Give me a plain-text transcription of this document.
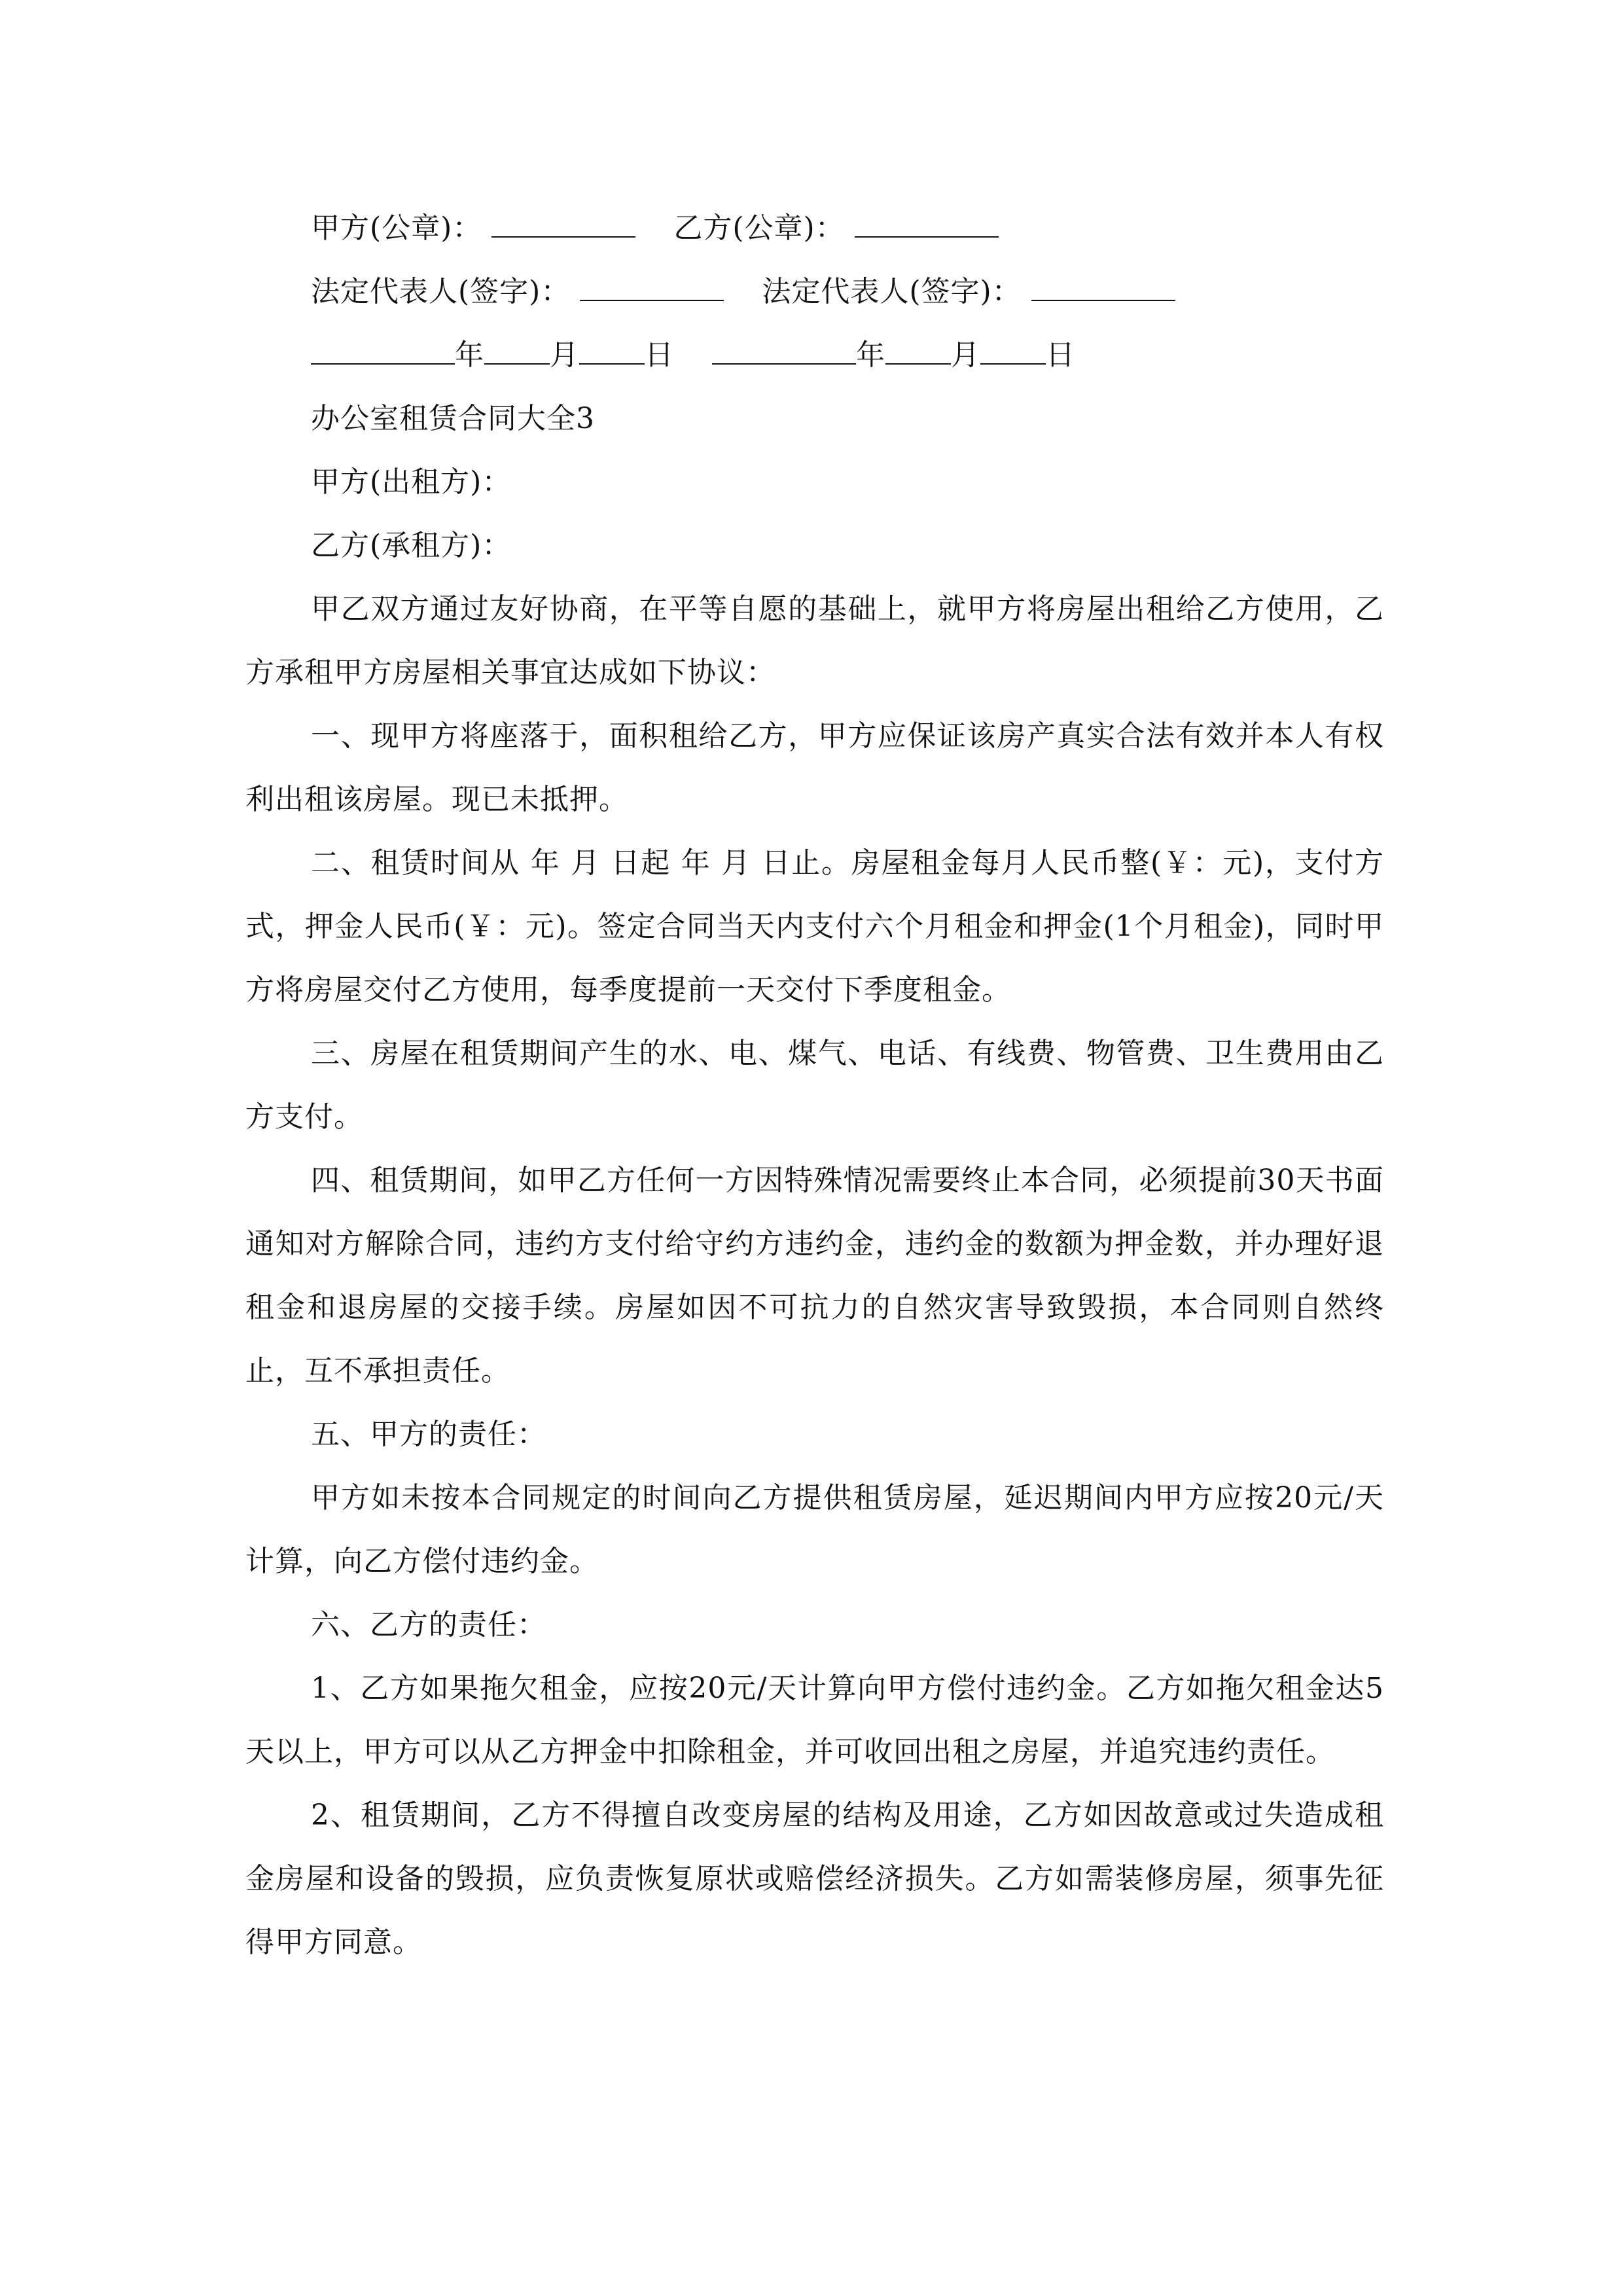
甲方(公章)：	乙方(公章)：
法定代表人(签字)：	法定代表人(签字)：
年 月 日	年 月 日
办公室租赁合同大全3
甲方(出租方)：
乙方(承租方)：

甲乙双方通过友好协商，在平等自愿的基础上，就甲方将房屋出租给乙方使用，乙方承租甲方房屋相关事宜达成如下协议：

一、现甲方将座落于，面积租给乙方，甲方应保证该房产真实合法有效并本人有权利出租该房屋。现已未抵押。

二、租赁时间从 年 月 日起 年 月 日止。房屋租金每月人民币整(￥：元)，支付方式，押金人民币(￥：元)。签定合同当天内支付六个月租金和押金(1个月租金)，同时甲方将房屋交付乙方使用，每季度提前一天交付下季度租金。

三、房屋在租赁期间产生的水、电、煤气、电话、有线费、物管费、卫生费用由乙方支付。

四、租赁期间，如甲乙方任何一方因特殊情况需要终止本合同，必须提前30天书面通知对方解除合同，违约方支付给守约方违约金，违约金的数额为押金数，并办理好退租金和退房屋的交接手续。房屋如因不可抗力的自然灾害导致毁损，本合同则自然终止，互不承担责任。

五、甲方的责任：

甲方如未按本合同规定的时间向乙方提供租赁房屋，延迟期间内甲方应按20元/天计算，向乙方偿付违约金。

六、乙方的责任：

1、乙方如果拖欠租金，应按20元/天计算向甲方偿付违约金。乙方如拖欠租金达5天以上，甲方可以从乙方押金中扣除租金，并可收回出租之房屋，并追究违约责任。

2、租赁期间，乙方不得擅自改变房屋的结构及用途，乙方如因故意或过失造成租金房屋和设备的毁损，应负责恢复原状或赔偿经济损失。乙方如需装修房屋，须事先征得甲方同意。
